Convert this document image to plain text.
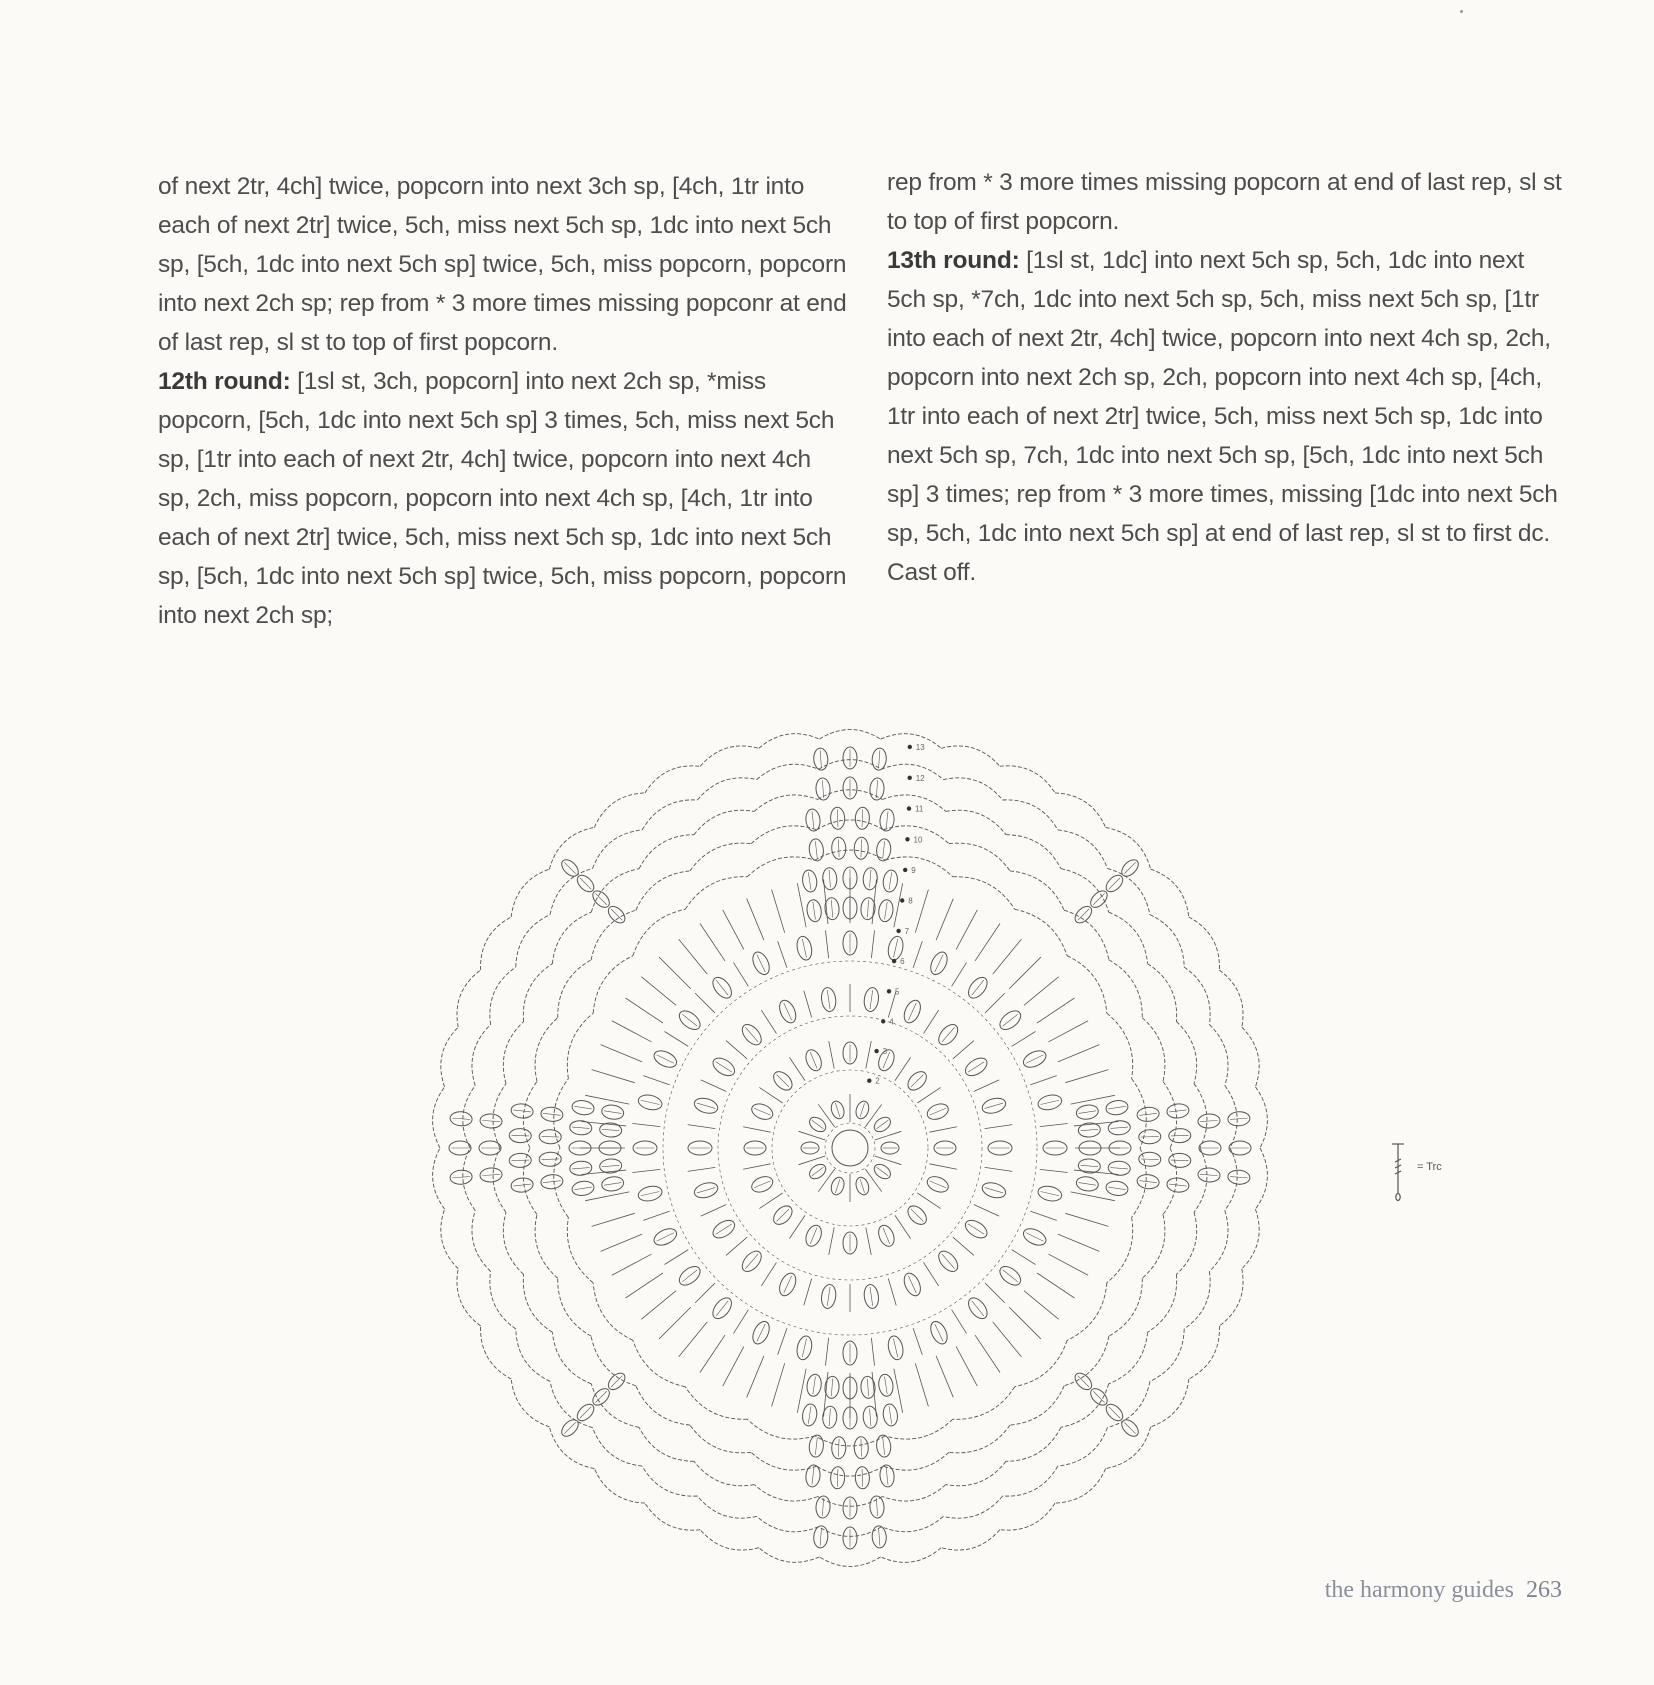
of next 2tr, 4ch] twice, popcorn into next 3ch sp, [4ch, 1tr into each of next 2tr] twice, 5ch, miss next 5ch sp, 1dc into next 5ch sp, [5ch, 1dc into next 5ch sp] twice, 5ch, miss popcorn, popcorn into next 2ch sp; rep from * 3 more times missing popconr at end of last rep, sl st to top of first popcorn.

12th round: [1sl st, 3ch, popcorn] into next 2ch sp, *miss popcorn, [5ch, 1dc into next 5ch sp] 3 times, 5ch, miss next 5ch sp, [1tr into each of next 2tr, 4ch] twice, popcorn into next 4ch sp, 2ch, miss popcorn, popcorn into next 4ch sp, [4ch, 1tr into each of next 2tr] twice, 5ch, miss next 5ch sp, 1dc into next 5ch sp, [5ch, 1dc into next 5ch sp] twice, 5ch, miss popcorn, popcorn into next 2ch sp;

rep from * 3 more times missing popcorn at end of last rep, sl st to top of first popcorn.

13th round: [1sl st, 1dc] into next 5ch sp, 5ch, 1dc into next 5ch sp, *7ch, 1dc into next 5ch sp, 5ch, miss next 5ch sp, [1tr into each of next 2tr, 4ch] twice, popcorn into next 4ch sp, 2ch, popcorn into next 2ch sp, 2ch, popcorn into next 4ch sp, [4ch, 1tr into each of next 2tr] twice, 5ch, miss next 5ch sp, 1dc into next 5ch sp, 7ch, 1dc into next 5ch sp, [5ch, 1dc into next 5ch sp] 3 times; rep from * 3 more times, missing [1dc into next 5ch sp, 5ch, 1dc into next 5ch sp] at end of last rep, sl st to first dc.

Cast off.

2
3
4
5
6
7
8
9
10
11
12
13
= Trc
the harmony guides 263
